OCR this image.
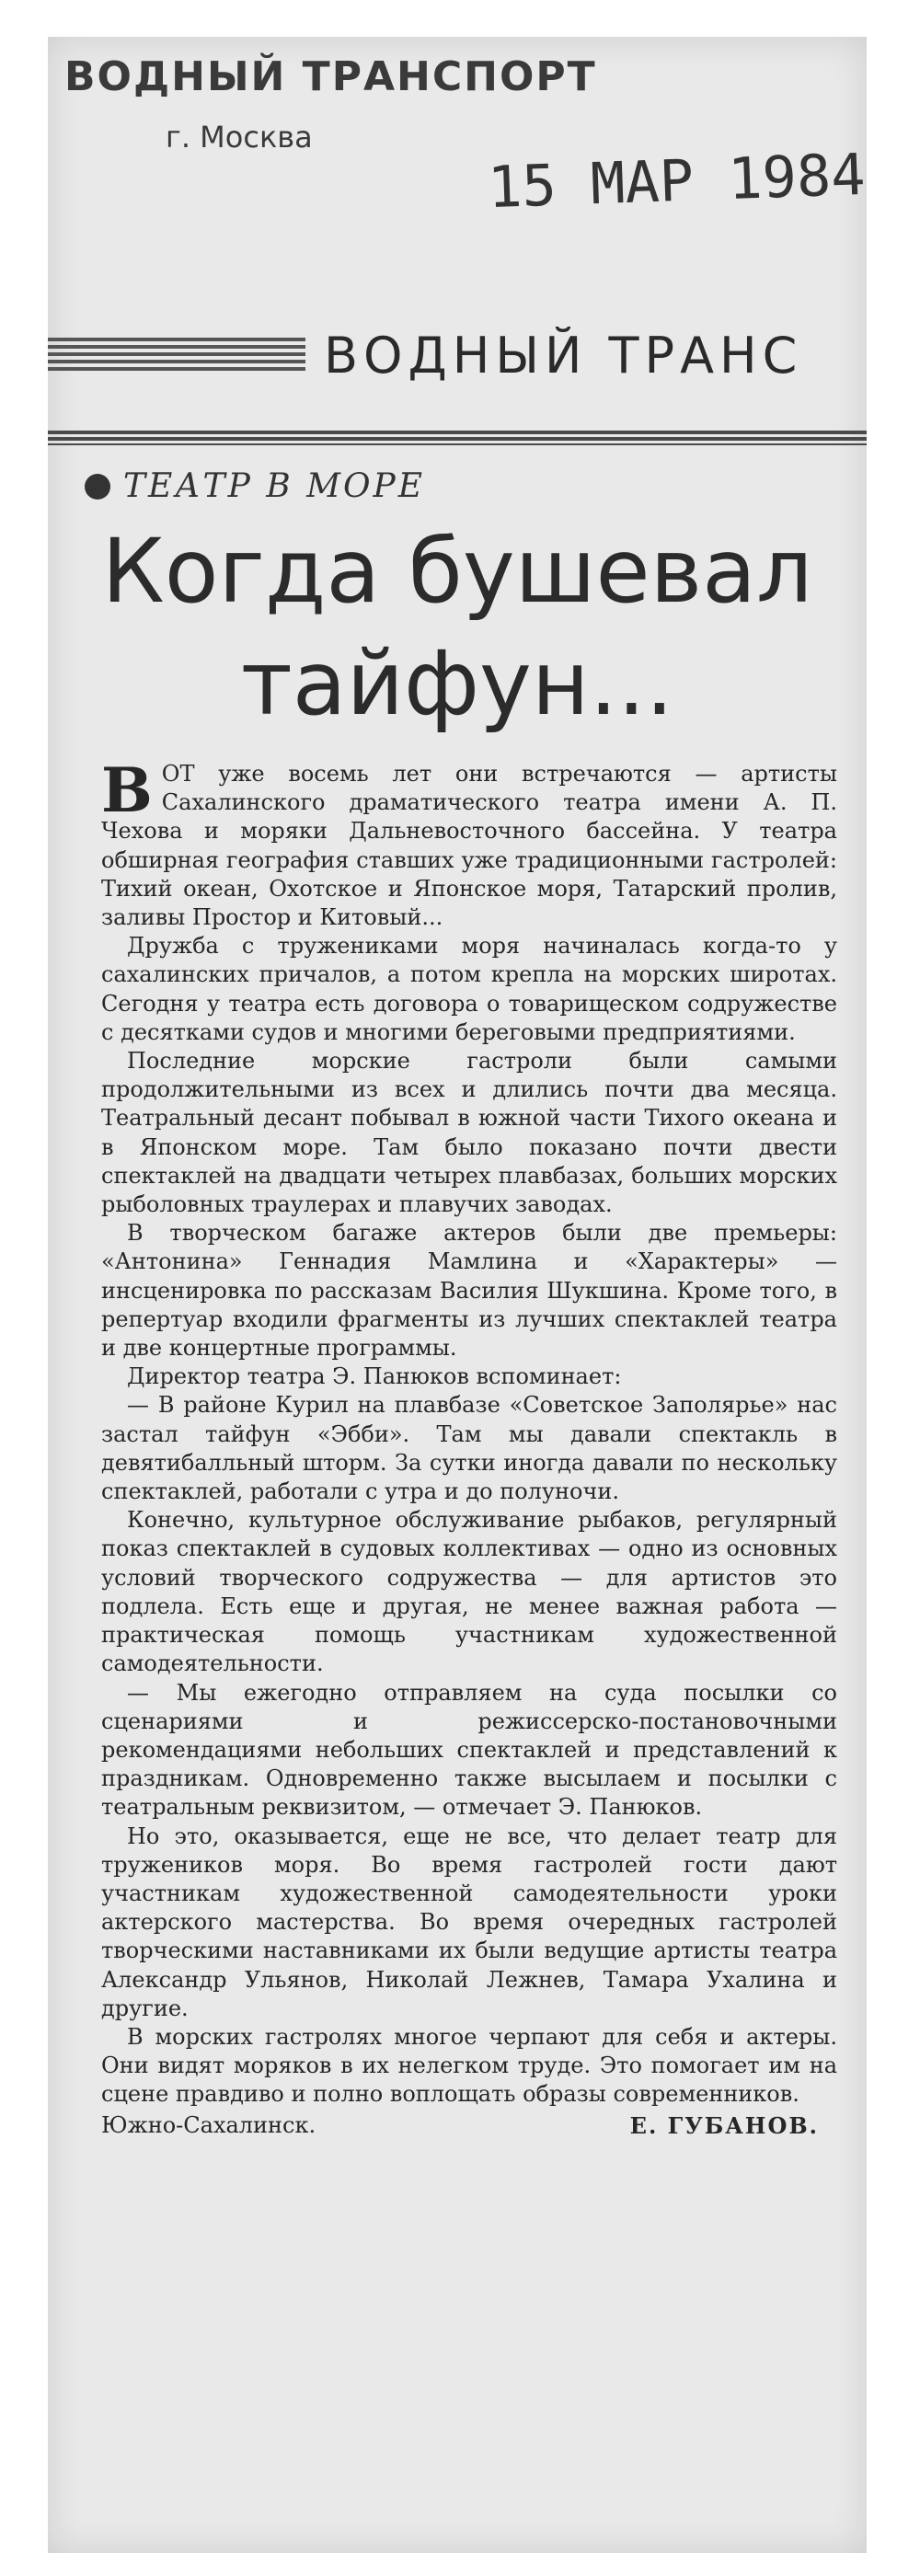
ВОДНЫЙ ТРАНСПОРТ
г. Москва
15 МАР 1984
ВОДНЫЙ ТРАНС
ТЕАТР В МОРЕ
Когда бушевал
тайфун...

ВОТ уже восемь лет они встречаются — артисты Сахалинского драматического театра имени А. П. Чехова и моряки Дальневосточного бассейна. У театра обширная география ставших уже традиционными гастролей: Тихий океан, Охотское и Японское моря, Татарский пролив, заливы Простор и Китовый...

Дружба с тружениками моря начиналась когда-то у сахалинских причалов, а потом крепла на морских широтах. Сегодня у театра есть договора о товарищеском содружестве с десятками судов и многими береговыми предприятиями.

Последние морские гастроли были самыми продолжительными из всех и длились почти два месяца. Театральный десант побывал в южной части Тихого океана и в Японском море. Там было показано почти двести спектаклей на двадцати четырех плавбазах, больших морских рыболовных траулерах и плавучих заводах.

В творческом багаже актеров были две премьеры: «Антонина» Геннадия Мамлина и «Характеры» — инсценировка по рассказам Василия Шукшина. Кроме того, в репертуар входили фрагменты из лучших спектаклей театра и две концертные программы.

Директор театра Э. Панюков вспоминает:

— В районе Курил на плавбазе «Советское Заполярье» нас застал тайфун «Эбби». Там мы давали спектакль в девятибалльный шторм. За сутки иногда давали по нескольку спектаклей, работали с утра и до полуночи.

Конечно, культурное обслуживание рыбаков, регулярный показ спектаклей в судовых коллективах — одно из основных условий творческого содружества — для артистов это подлела. Есть еще и другая, не менее важная работа — практическая помощь участникам художественной самодеятельности.

— Мы ежегодно отправляем на суда посылки со сценариями и режиссерско-постановочными рекомендациями небольших спектаклей и представлений к праздникам. Одновременно также высылаем и посылки с театральным реквизитом, — отмечает Э. Панюков.

Но это, оказывается, еще не все, что делает театр для тружеников моря. Во время гастролей гости дают участникам художественной самодеятельности уроки актерского мастерства. Во время очередных гастролей творческими наставниками их были ведущие артисты театра Александр Ульянов, Николай Лежнев, Тамара Ухалина и другие.

В морских гастролях многое черпают для себя и актеры. Они видят моряков в их нелегком труде. Это помогает им на сцене правдиво и полно воплощать образы современников.

Южно-Сахалинск.	Е. ГУБАНОВ.
